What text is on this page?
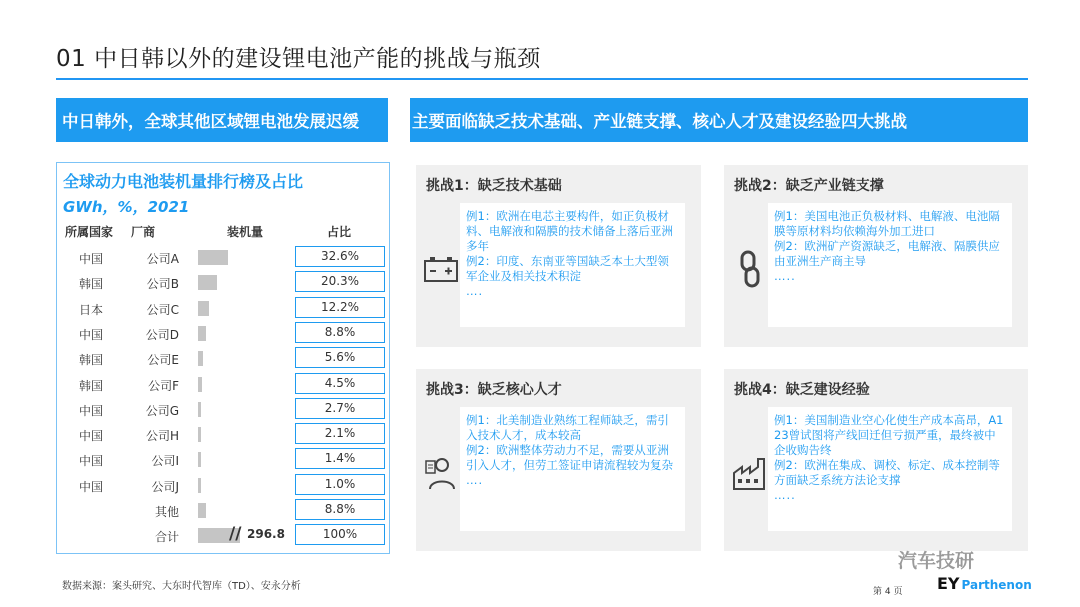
01 中日韩以外的建设锂电池产能的挑战与瓶颈
中日韩外，全球其他区域锂电池发展迟缓	主要面临缺乏技术基础、产业链支撑、核心人才及建设经验四大挑战
全球动力电池装机量排行榜及占比
GWh，%，2021
所属国家 厂商	装机量	占比
中国	公司A	32.6%
韩国	公司B	20.3%
日本	公司C	12.2%
中国	公司D	8.8%
韩国	公司E	5.6%
韩国	公司F	4.5%
中国	公司G	2.7%
中国	公司H	2.1%
中国	公司I	1.4%
中国	公司J	1.0%
其他	8.8%
合计	// 296.8	100%
挑战1：缺乏技术基础
例1：欧洲在电芯主要构件，如正负极材料、电解液和隔膜的技术储备上落后亚洲多年
例2：印度、东南亚等国缺乏本土大型领军企业及相关技术积淀
….
挑战2：缺乏产业链支撑
例1：美国电池正负极材料、电解液、电池隔膜等原材料均依赖海外加工进口
例2：欧洲矿产资源缺乏，电解液、隔膜供应由亚洲生产商主导
…..
挑战3：缺乏核心人才
例1：北美制造业熟练工程师缺乏，需引入技术人才，成本较高
例2：欧洲整体劳动力不足，需要从亚洲引入人才，但劳工签证申请流程较为复杂
….
挑战4：缺乏建设经验
例1：美国制造业空心化使生产成本高昂，A123曾试图将产线回迁但亏损严重，最终被中企收购告终
例2：欧洲在集成、调校、标定、成本控制等方面缺乏系统方法论支撑
…..
数据来源：案头研究、大东时代智库（TD）、安永分析
汽车技研
第 4 页 EY Parthenon
